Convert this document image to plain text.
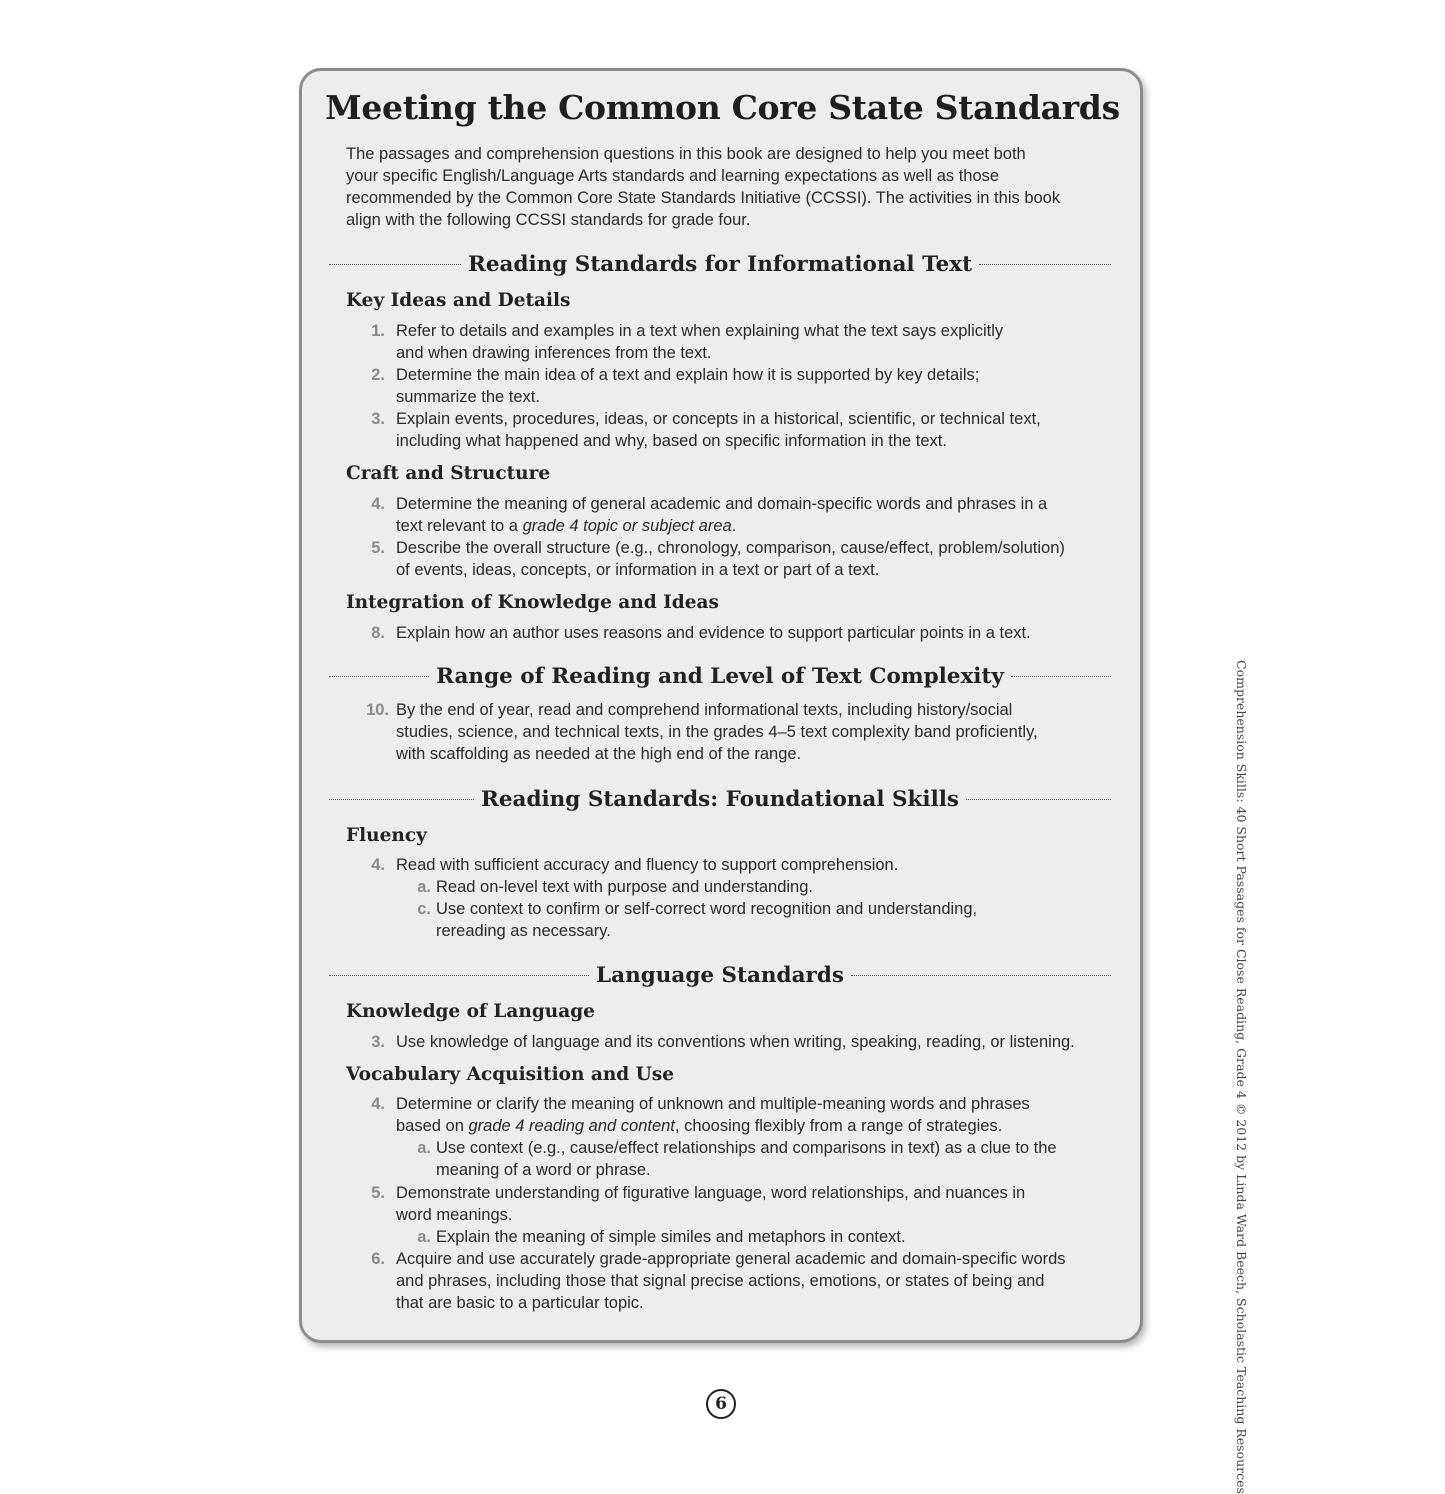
Meeting the Common Core State Standards
The passages and comprehension questions in this book are designed to help you meet both
your specific English/Language Arts standards and learning expectations as well as those
recommended by the Common Core State Standards Initiative (CCSSI). The activities in this book
align with the following CCSSI standards for grade four.
Reading Standards for Informational Text
Key Ideas and Details
1. Refer to details and examples in a text when explaining what the text says explicitly
and when drawing inferences from the text.
2. Determine the main idea of a text and explain how it is supported by key details;
summarize the text.
3. Explain events, procedures, ideas, or concepts in a historical, scientific, or technical text,
including what happened and why, based on specific information in the text.
Craft and Structure
4. Determine the meaning of general academic and domain-specific words and phrases in a
text relevant to a grade 4 topic or subject area.
5. Describe the overall structure (e.g., chronology, comparison, cause/effect, problem/solution)
of events, ideas, concepts, or information in a text or part of a text.
Integration of Knowledge and Ideas
8. Explain how an author uses reasons and evidence to support particular points in a text.
Range of Reading and Level of Text Complexity
10. By the end of year, read and comprehend informational texts, including history/social
studies, science, and technical texts, in the grades 4–5 text complexity band proficiently,
with scaffolding as needed at the high end of the range.
Reading Standards: Foundational Skills
Fluency
4. Read with sufficient accuracy and fluency to support comprehension.
a. Read on-level text with purpose and understanding.
c. Use context to confirm or self-correct word recognition and understanding,
rereading as necessary.
Language Standards
Knowledge of Language
3. Use knowledge of language and its conventions when writing, speaking, reading, or listening.
Vocabulary Acquisition and Use
4. Determine or clarify the meaning of unknown and multiple-meaning words and phrases
based on grade 4 reading and content, choosing flexibly from a range of strategies.
a. Use context (e.g., cause/effect relationships and comparisons in text) as a clue to the
meaning of a word or phrase.
5. Demonstrate understanding of figurative language, word relationships, and nuances in
word meanings.
a. Explain the meaning of simple similes and metaphors in context.
6. Acquire and use accurately grade-appropriate general academic and domain-specific words
and phrases, including those that signal precise actions, emotions, or states of being and
that are basic to a particular topic.
6	Comprehension Skills: 40 Short Passages for Close Reading, Grade 4 © 2012 by Linda Ward Beech, Scholastic Teaching Resources
